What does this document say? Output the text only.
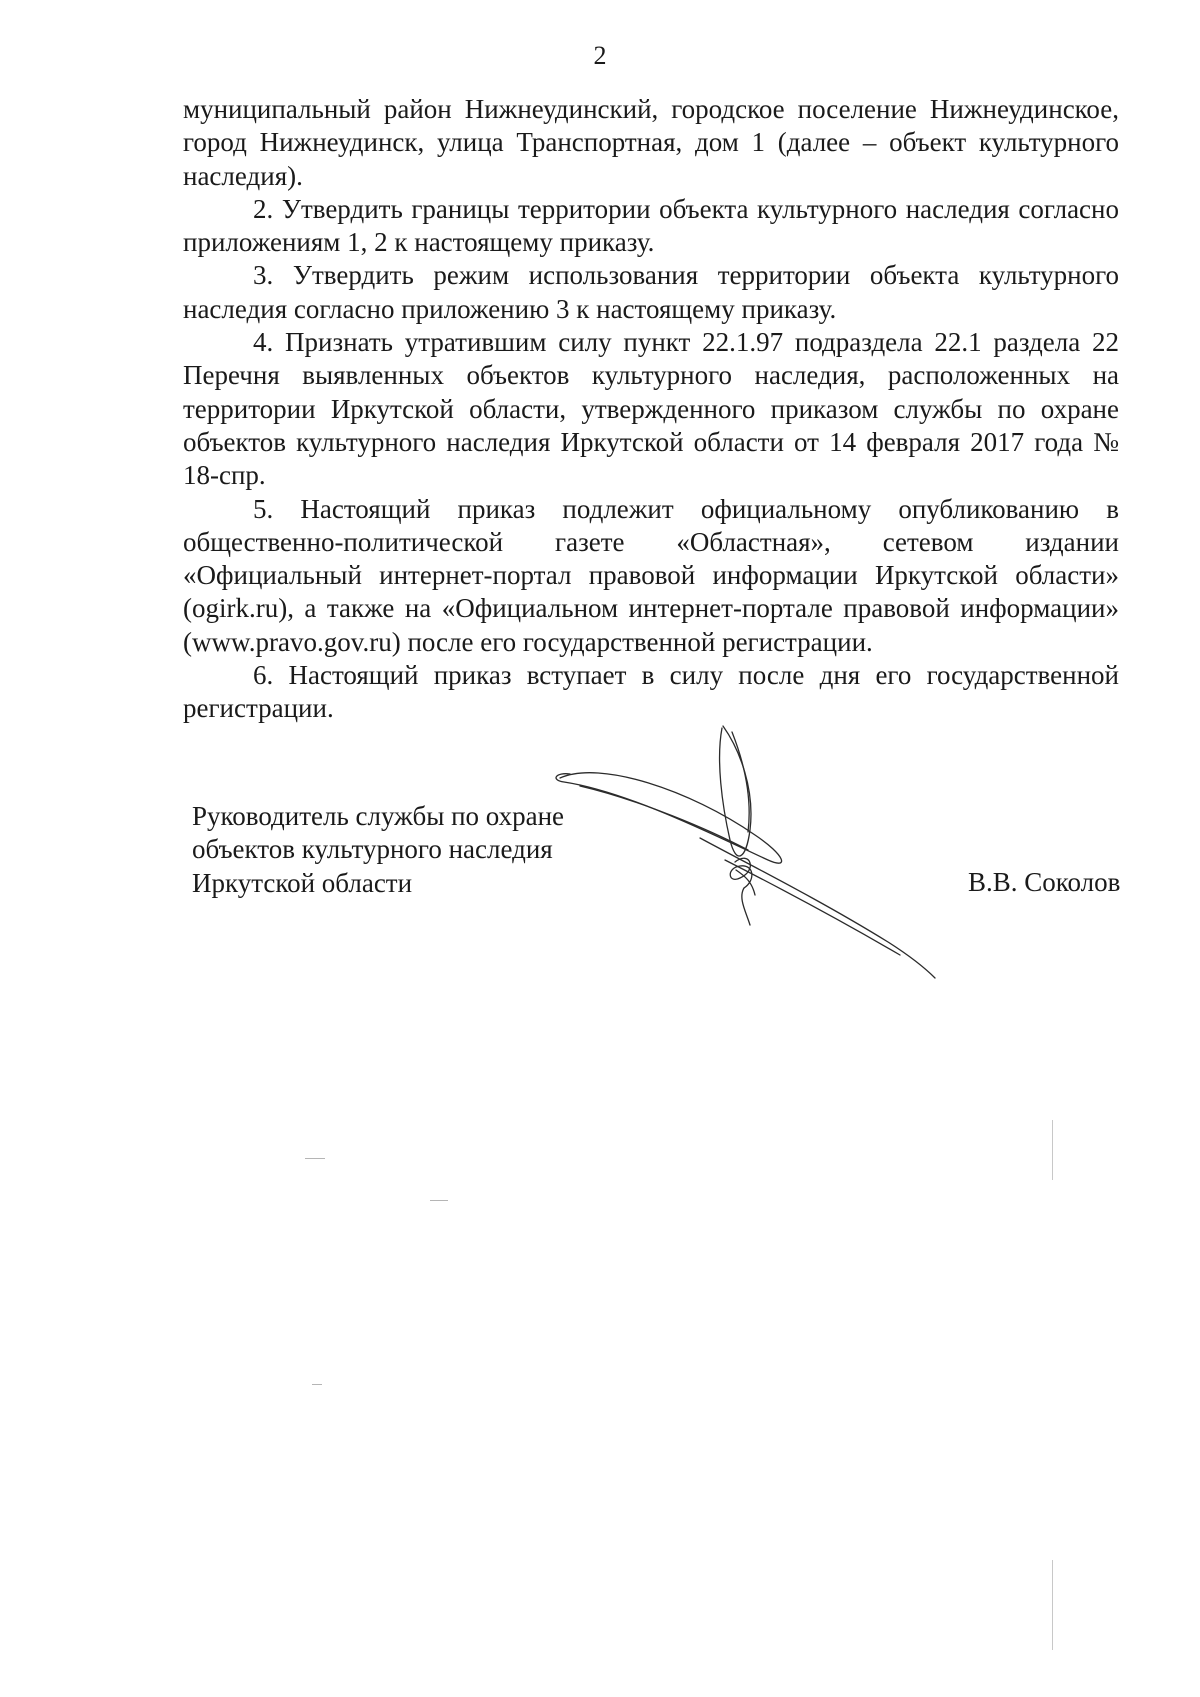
2

муниципальный район Нижнеудинский, городское поселение Нижнеудинское, город Нижнеудинск, улица Транспортная, дом 1 (далее – объект культурного наследия).

2. Утвердить границы территории объекта культурного наследия согласно приложениям 1, 2 к настоящему приказу.

3. Утвердить режим использования территории объекта культурного наследия согласно приложению 3 к настоящему приказу.

4. Признать утратившим силу пункт 22.1.97 подраздела 22.1 раздела 22 Перечня выявленных объектов культурного наследия, расположенных на территории Иркутской области, утвержденного приказом службы по охране объектов культурного наследия Иркутской области от 14 февраля 2017 года № 18-спр.

5. Настоящий приказ подлежит официальному опубликованию в общественно-политической газете «Областная», сетевом издании «Официальный интернет-портал правовой информации Иркутской области» (ogirk.ru), а также на «Официальном интернет-портале правовой информации» (www.pravo.gov.ru) после его государственной регистрации.

6. Настоящий приказ вступает в силу после дня его государственной регистрации.

Руководитель службы по охране
объектов культурного наследия
Иркутской области	В.В. Соколов
